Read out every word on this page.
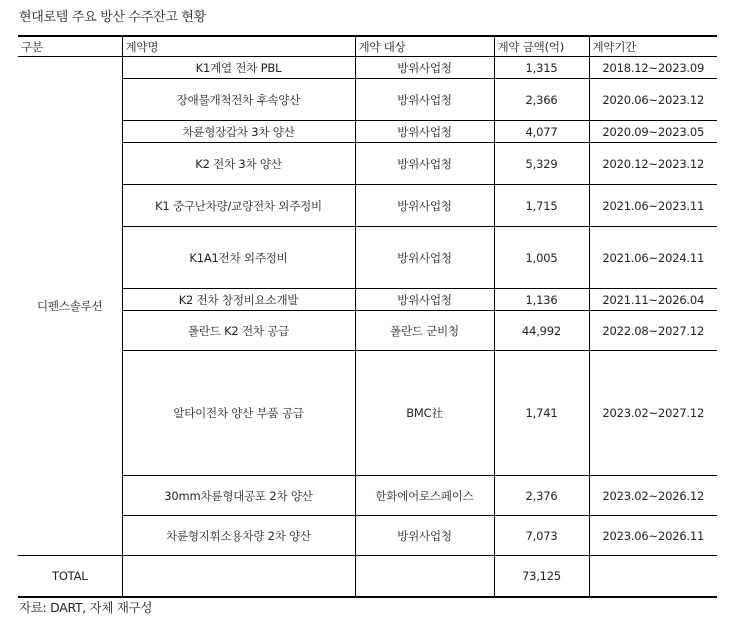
현대로템 주요 방산 수주잔고 현황
구분	계약명	계약 대상	계약 금액(억)	계약기간
디펜스솔루션	K1계열 전차 PBL	방위사업청	1,315	2018.12~2023.09
	장애물개척전차 후속양산	방위사업청	2,366	2020.06~2023.12
	차륜형장갑차 3차 양산	방위사업청	4,077	2020.09~2023.05
	K2 전차 3차 양산	방위사업청	5,329	2020.12~2023.12
	K1 중구난차량/교량전차 외주정비	방위사업청	1,715	2021.06~2023.11
	K1A1전차 외주정비	방위사업청	1,005	2021.06~2024.11
	K2 전차 창정비요소개발	방위사업청	1,136	2021.11~2026.04
	폴란드 K2 전차 공급	폴란드 군비청	44,992	2022.08~2027.12
	알타이전차 양산 부품 공급	BMC社	1,741	2023.02~2027.12
	30mm차륜형대공포 2차 양산	한화에어로스페이스	2,376	2023.02~2026.12
	차륜형지휘소용차량 2차 양산	방위사업청	7,073	2023.06~2026.11
TOTAL			73,125	
자료: DART, 자체 재구성
